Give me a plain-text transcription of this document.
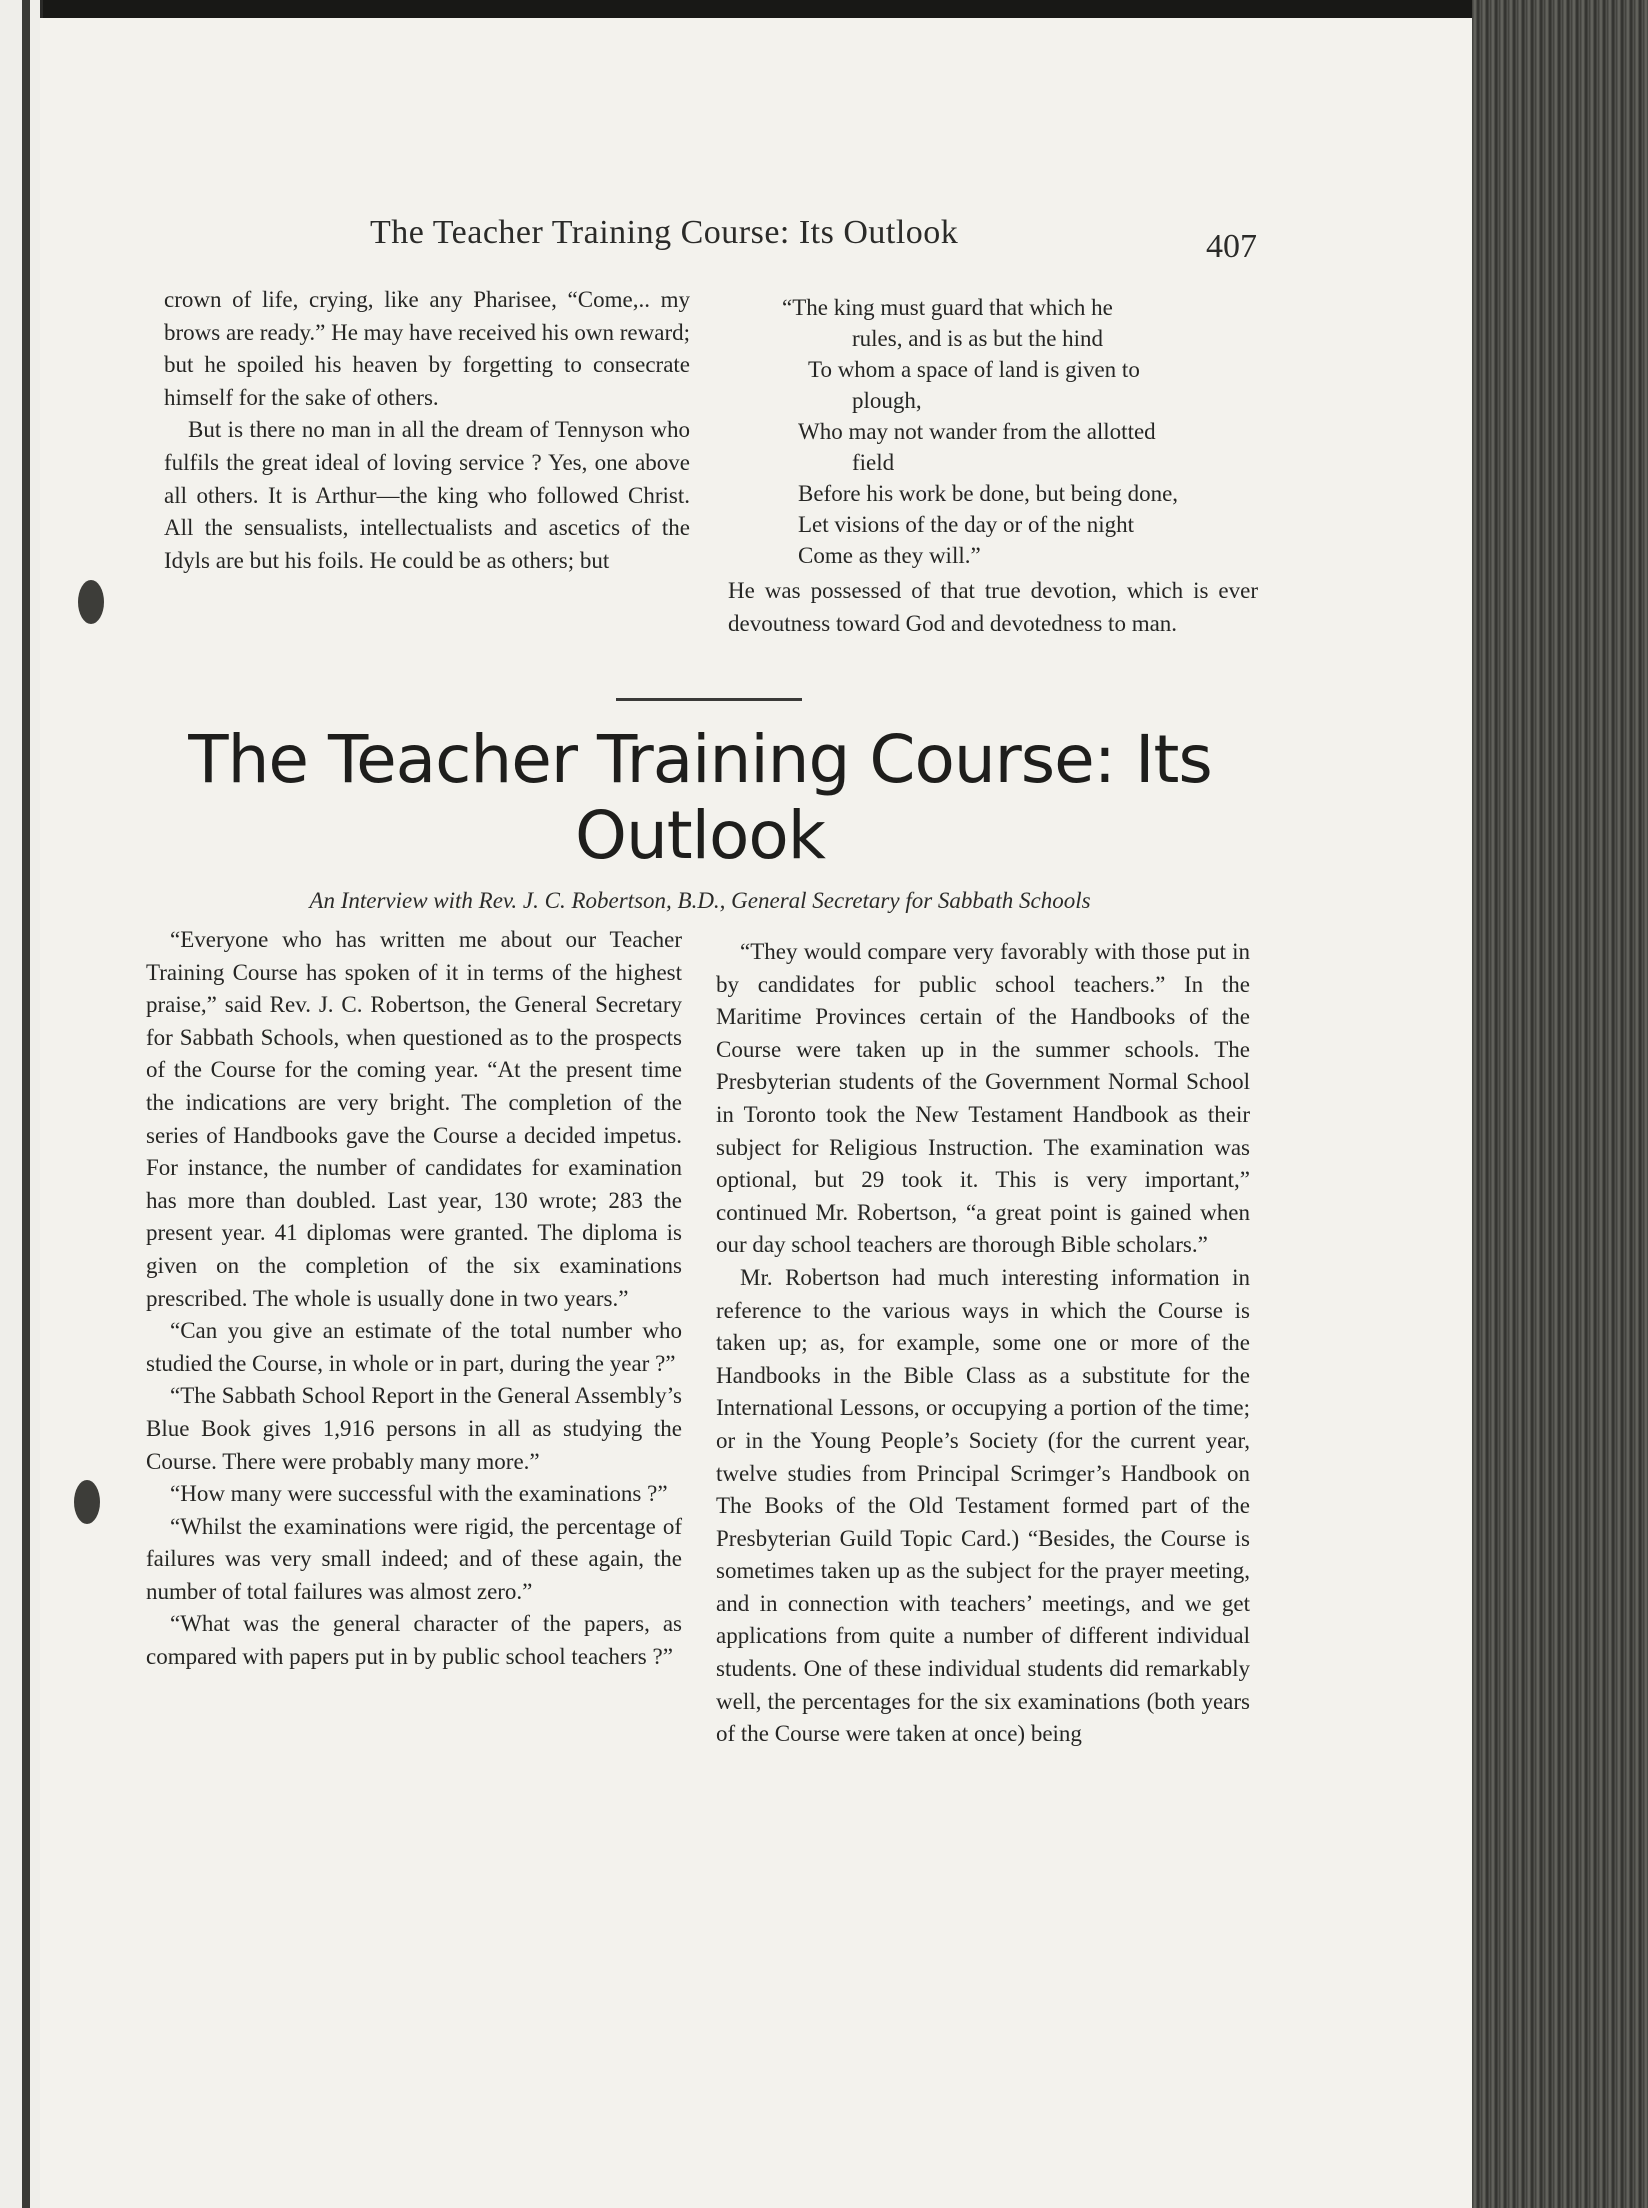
The Teacher Training Course: Its Outlook	407

crown of life, crying, like any Pharisee, “Come,.. my brows are ready.” He may have received his own reward; but he spoiled his heaven by forgetting to consecrate himself for the sake of others.

But is there no man in all the dream of Tennyson who fulfils the great ideal of loving service ? Yes, one above all others. It is Arthur—the king who followed Christ. All the sensualists, intellectualists and ascetics of the Idyls are but his foils. He could be as others; but

“The king must guard that which he
rules, and is as but the hind
To whom a space of land is given to
plough,
Who may not wander from the allotted
field
Before his work be done, but being done,
Let visions of the day or of the night
Come as they will.”
He was possessed of that true devotion, which is ever devoutness toward God and devotedness to man.
The Teacher Training Course: Its
Outlook
An Interview with Rev. J. C. Robertson, B.D., General Secretary for Sabbath Schools

“Everyone who has written me about our Teacher Training Course has spoken of it in terms of the highest praise,” said Rev. J. C. Robertson, the General Secretary for Sabbath Schools, when questioned as to the prospects of the Course for the coming year. “At the present time the indications are very bright. The completion of the series of Handbooks gave the Course a decided impetus. For instance, the number of candidates for examination has more than doubled. Last year, 130 wrote; 283 the present year. 41 diplomas were granted. The diploma is given on the completion of the six examinations prescribed. The whole is usually done in two years.”

“Can you give an estimate of the total number who studied the Course, in whole or in part, during the year ?”

“The Sabbath School Report in the General Assembly’s Blue Book gives 1,916 persons in all as studying the Course. There were probably many more.”

“How many were successful with the examinations ?”

“Whilst the examinations were rigid, the percentage of failures was very small indeed; and of these again, the number of total failures was almost zero.”

“What was the general character of the papers, as compared with papers put in by public school teachers ?”

“They would compare very favorably with those put in by candidates for public school teachers.” In the Maritime Provinces certain of the Handbooks of the Course were taken up in the summer schools. The Presbyterian students of the Government Normal School in Toronto took the New Testament Handbook as their subject for Religious Instruction. The examination was optional, but 29 took it. This is very important,” continued Mr. Robertson, “a great point is gained when our day school teachers are thorough Bible scholars.”

Mr. Robertson had much interesting information in reference to the various ways in which the Course is taken up; as, for example, some one or more of the Handbooks in the Bible Class as a substitute for the International Lessons, or occupying a portion of the time; or in the Young People’s Society (for the current year, twelve studies from Principal Scrimger’s Handbook on The Books of the Old Testament formed part of the Presbyterian Guild Topic Card.) “Besides, the Course is sometimes taken up as the subject for the prayer meeting, and in connection with teachers’ meetings, and we get applications from quite a number of different individual students. One of these individual students did remarkably well, the percentages for the six examinations (both years of the Course were taken at once) being
